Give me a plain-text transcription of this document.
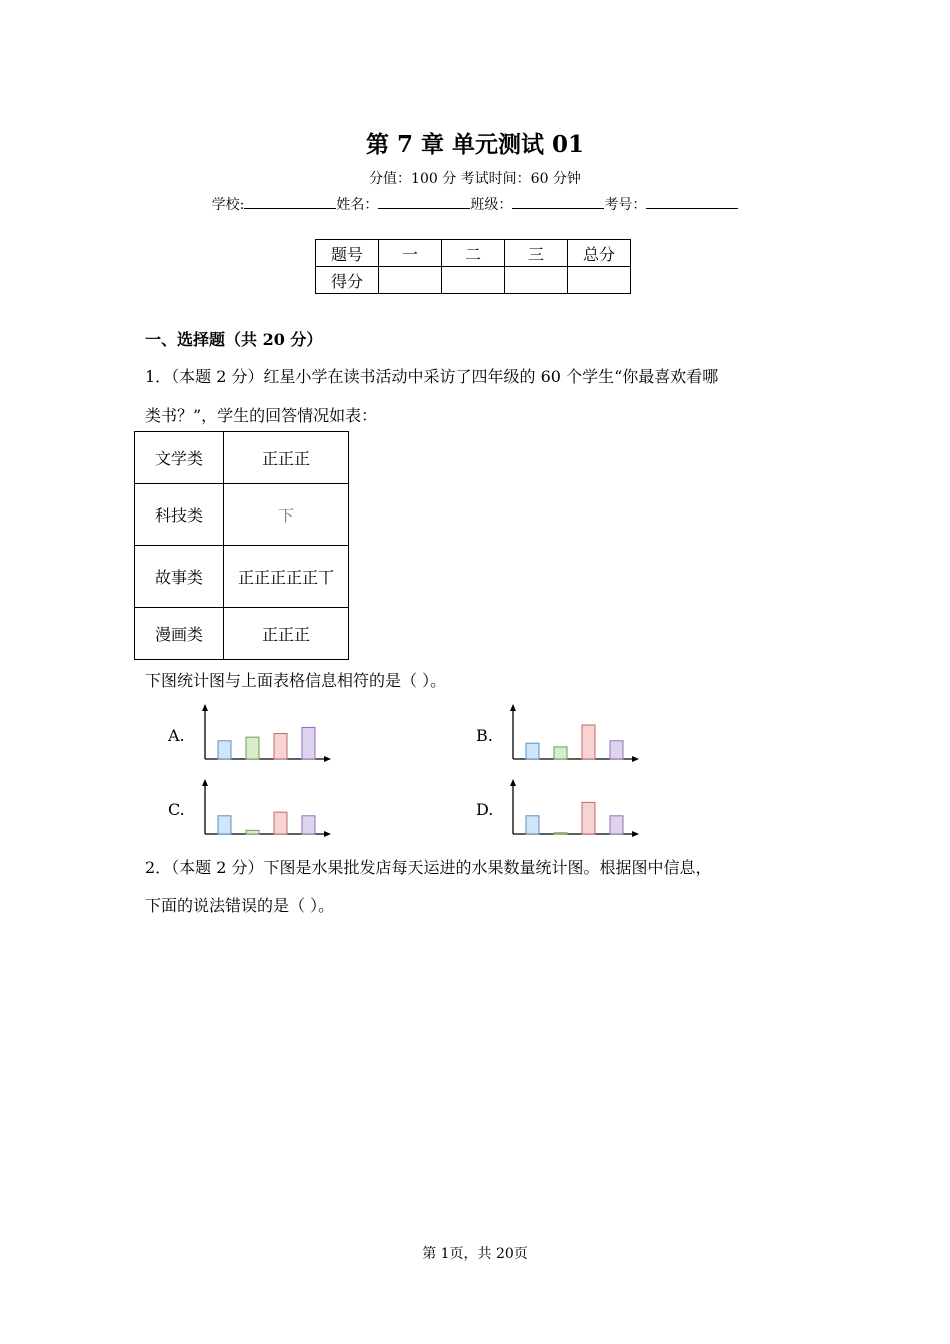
第 7 章 单元测试 01
分值：100 分 考试时间：60 分钟
学校:	姓名：	班级：	考号：
题号	一	二	三	总分
得分				
一、选择题（共 20 分）
1．（本题 2 分）红星小学在读书活动中采访了四年级的 60 个学生“你最喜欢看哪
类书？”，学生的回答情况如表：
文学类	正正正
科技类	下
故事类	正正正正正丅
漫画类	正正正
下图统计图与上面表格信息相符的是（ ）。
A.	B.
C.	D.
2．（本题 2 分）下图是水果批发店每天运进的水果数量统计图。根据图中信息，
下面的说法错误的是（ ）。
第 1页，共 20页
